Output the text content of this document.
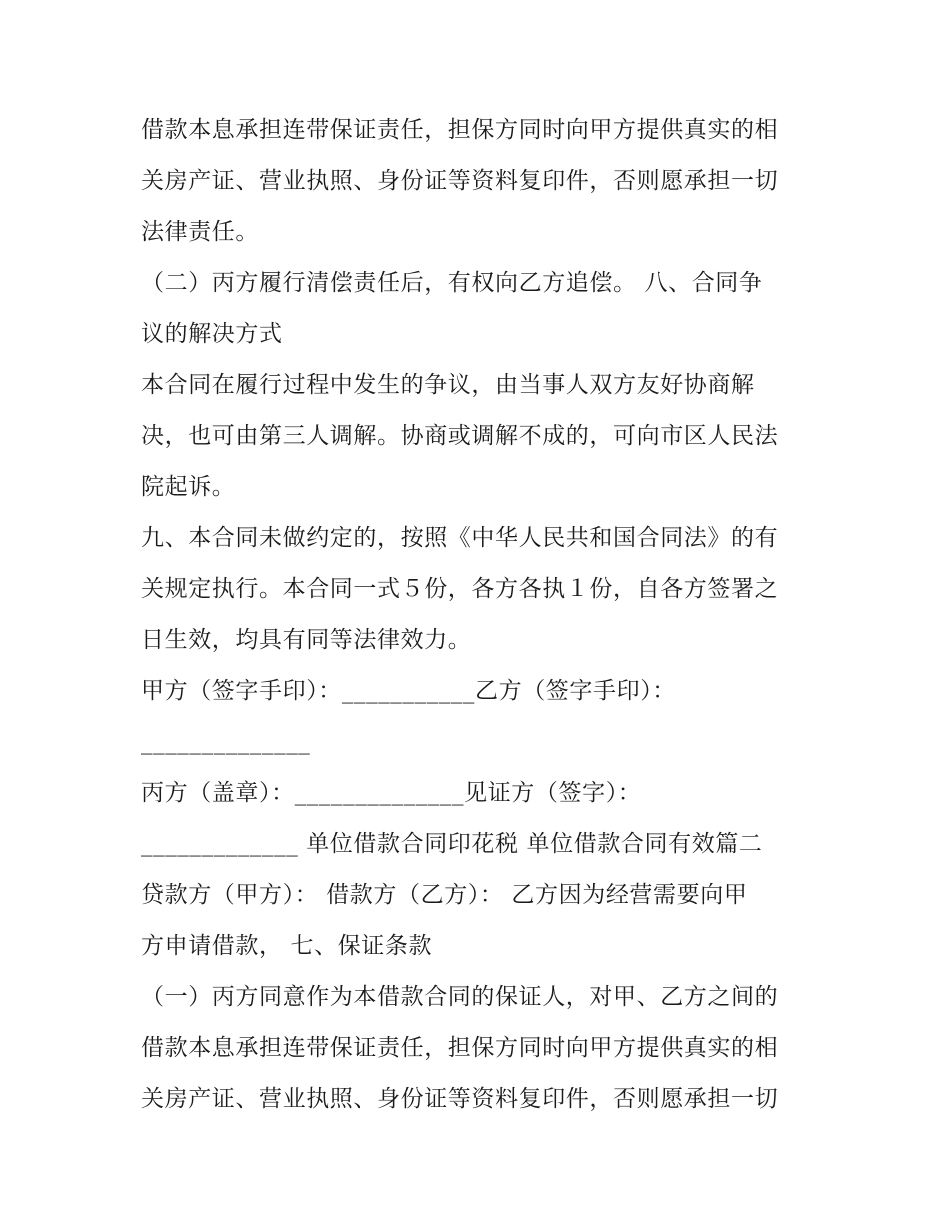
借款本息承担连带保证责任，担保方同时向甲方提供真实的相
关房产证、营业执照、身份证等资料复印件，否则愿承担一切
法律责任。
（二）丙方履行清偿责任后，有权向乙方追偿。 八、合同争
议的解决方式
本合同在履行过程中发生的争议，由当事人双方友好协商解
决，也可由第三人调解。协商或调解不成的，可向市区人民法
院起诉。
九、本合同未做约定的，按照《中华人民共和国合同法》的有
关规定执行。本合同一式５份，各方各执１份，自各方签署之
日生效，均具有同等法律效力。
甲方（签字手印）：___________乙方（签字手印）：
______________
丙方（盖章）：______________见证方（签字）：
_____________ 单位借款合同印花税 单位借款合同有效篇二
贷款方（甲方）： 借款方（乙方）： 乙方因为经营需要向甲
方申请借款， 七、保证条款
（一）丙方同意作为本借款合同的保证人，对甲、乙方之间的
借款本息承担连带保证责任，担保方同时向甲方提供真实的相
关房产证、营业执照、身份证等资料复印件，否则愿承担一切
